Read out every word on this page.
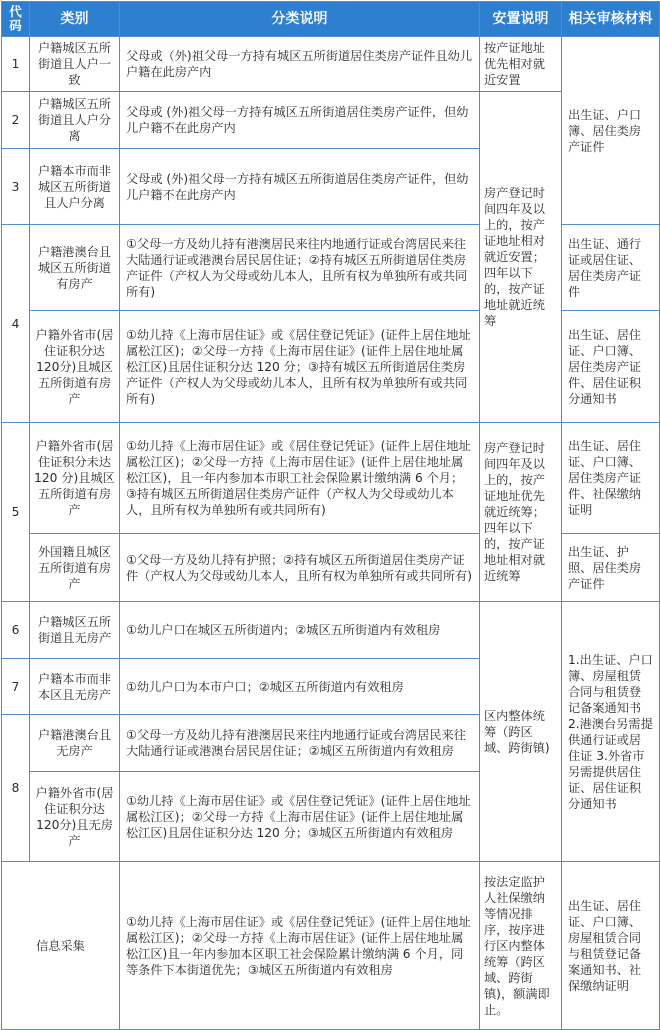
代码	类别	分类说明	安置说明	相关审核材料
1	户籍城区五所街道且人户一致	父母或（外)祖父母一方持有城区五所街道居住类房产证件且幼儿户籍在此房产内	按产证地址优先相对就近安置	出生证、户口簿、居住类房产证件
2	户籍城区五所街道且人户分离	父母或 (外)祖父母一方持有城区五所街道居住类房产证件，但幼儿户籍不在此房产内	房产登记时间四年及以上的，按产证地址相对就近安置；四年以下的，按产证地址就近统筹	
3	户籍本市而非城区五所街道且人户分离	父母或 (外)祖父母一方持有城区五所街道居住类房产证件，但幼儿户籍不在此房产内		
4	户籍港澳台且城区五所街道有房产	①父母一方及幼儿持有港澳居民来往内地通行证或台湾居民来往大陆通行证或港澳台居民居住证；②持有城区五所街道居住类房产证件（产权人为父母或幼儿本人，且所有权为单独所有或共同所有)		出生证、通行证或居住证、居住类房产证件
	户籍外省市(居住证积分达120分)且城区五所街道有房产	①幼儿持《上海市居住证》或《居住登记凭证》(证件上居住地址属松江区)；②父母一方持《上海市居住证》(证件上居住地址属松江区)且居住证积分达 120 分；③持有城区五所街道居住类房产证件（产权人为父母或幼儿本人，且所有权为单独所有或共同所有)		出生证、居住证、户口簿、居住类房产证件、居住证积分通知书
5	户籍外省市(居住证积分未达 120 分)且城区五所街道有房产	①幼儿持《上海市居住证》或《居住登记凭证》(证件上居住地址属松江区)；②父母一方持《上海市居住证》(证件上居住地址属松江区)，且一年内参加本市职工社会保险累计缴纳满 6 个月；③持有城区五所街道居住类房产证件（产权人为父母或幼儿本人，且所有权为单独所有或共同所有)	房产登记时间四年及以上的，按产证地址优先就近统筹；四年以下的，按产证地址相对就近统筹	出生证、居住证、户口簿、居住类房产证件、社保缴纳证明
	外国籍且城区五所街道有房产	①父母一方及幼儿持有护照；②持有城区五所街道居住类房产证件（产权人为父母或幼儿本人，且所有权为单独所有或共同所有)		出生证、护照、居住类房产证件
6	户籍城区五所街道且无房产	①幼儿户口在城区五所街道内；②城区五所街道内有效租房	区内整体统筹（跨区域、跨街镇)	1.出生证、户口簿、房屋租赁合同与租赁登记备案通知书 2.港澳台另需提供通行证或居住证 3.外省市另需提供居住证、居住证积分通知书
7	户籍本市而非本区且无房产	①幼儿户口为本市户口；②城区五所街道内有效租房		
8	户籍港澳台且无房产	①父母一方及幼儿持有港澳居民来往内地通行证或台湾居民来往大陆通行证或港澳台居民居住证；②城区五所街道内有效租房		
	户籍外省市(居住证积分达120分)且无房产	①幼儿持《上海市居住证》或《居住登记凭证》(证件上居住地址属松江区)；②父母一方持《上海市居住证》(证件上居住地址属松江区)且居住证积分达 120 分；③城区五所街道内有效租房		
信息采集		①幼儿持《上海市居住证》或《居住登记凭证》(证件上居住地址属松江区)；②父母一方持《上海市居住证》(证件上居住地址属松江区)且一年内参加本区职工社会保险累计缴纳满 6 个月，同等条件下本街道优先；③城区五所街道内有效租房	按法定监护人社保缴纳等情况排序，按序进行区内整体统筹（跨区域、跨街镇)，额满即止。	出生证、居住证、户口簿、房屋租赁合同与租赁登记备案通知书、社保缴纳证明
